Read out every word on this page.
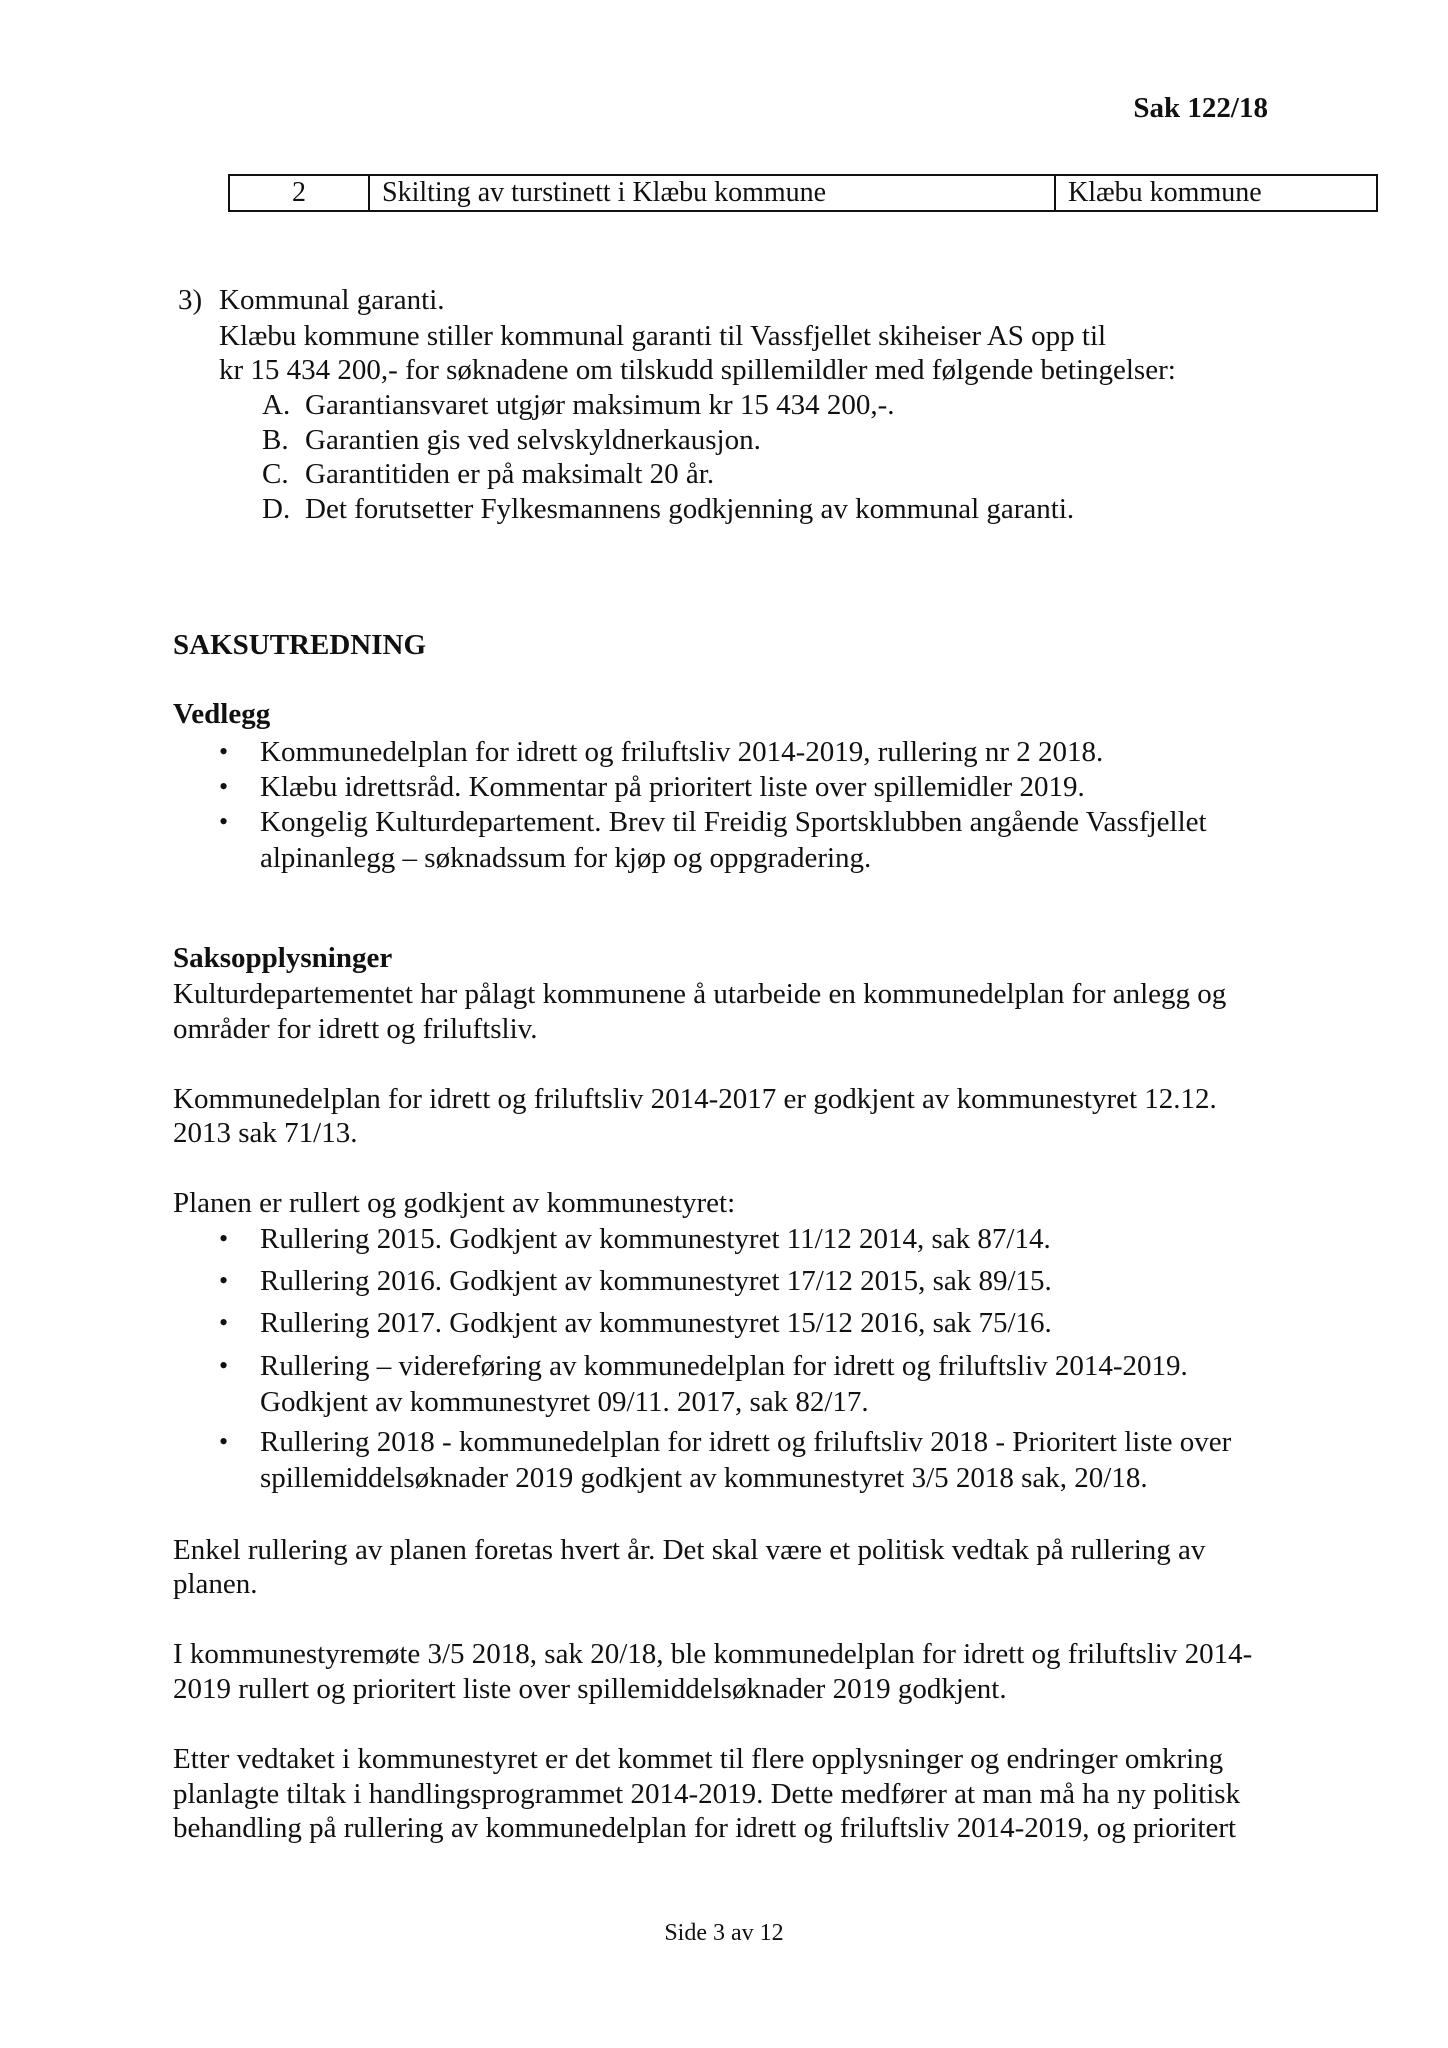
Sak 122/18
2	Skilting av turstinett i Klæbu kommune	Klæbu kommune
3) Kommunal garanti.
Klæbu kommune stiller kommunal garanti til Vassfjellet skiheiser AS opp til
kr 15 434 200,- for søknadene om tilskudd spillemildler med følgende betingelser:
A. Garantiansvaret utgjør maksimum kr 15 434 200,-.
B. Garantien gis ved selvskyldnerkausjon.
C. Garantitiden er på maksimalt 20 år.
D. Det forutsetter Fylkesmannens godkjenning av kommunal garanti.
SAKSUTREDNING
Vedlegg
• Kommunedelplan for idrett og friluftsliv 2014-2019, rullering nr 2 2018.
• Klæbu idrettsråd. Kommentar på prioritert liste over spillemidler 2019.
• Kongelig Kulturdepartement. Brev til Freidig Sportsklubben angående Vassfjellet
alpinanlegg – søknadssum for kjøp og oppgradering.
Saksopplysninger
Kulturdepartementet har pålagt kommunene å utarbeide en kommunedelplan for anlegg og
områder for idrett og friluftsliv.
Kommunedelplan for idrett og friluftsliv 2014-2017 er godkjent av kommunestyret 12.12.
2013 sak 71/13.
Planen er rullert og godkjent av kommunestyret:
• Rullering 2015. Godkjent av kommunestyret 11/12 2014, sak 87/14.
• Rullering 2016. Godkjent av kommunestyret 17/12 2015, sak 89/15.
• Rullering 2017. Godkjent av kommunestyret 15/12 2016, sak 75/16.
• Rullering – videreføring av kommunedelplan for idrett og friluftsliv 2014-2019.
Godkjent av kommunestyret 09/11. 2017, sak 82/17.
• Rullering 2018 - kommunedelplan for idrett og friluftsliv 2018 - Prioritert liste over
spillemiddelsøknader 2019 godkjent av kommunestyret 3/5 2018 sak, 20/18.
Enkel rullering av planen foretas hvert år. Det skal være et politisk vedtak på rullering av
planen.
I kommunestyremøte 3/5 2018, sak 20/18, ble kommunedelplan for idrett og friluftsliv 2014-
2019 rullert og prioritert liste over spillemiddelsøknader 2019 godkjent.
Etter vedtaket i kommunestyret er det kommet til flere opplysninger og endringer omkring
planlagte tiltak i handlingsprogrammet 2014-2019. Dette medfører at man må ha ny politisk
behandling på rullering av kommunedelplan for idrett og friluftsliv 2014-2019, og prioritert
Side 3 av 12
